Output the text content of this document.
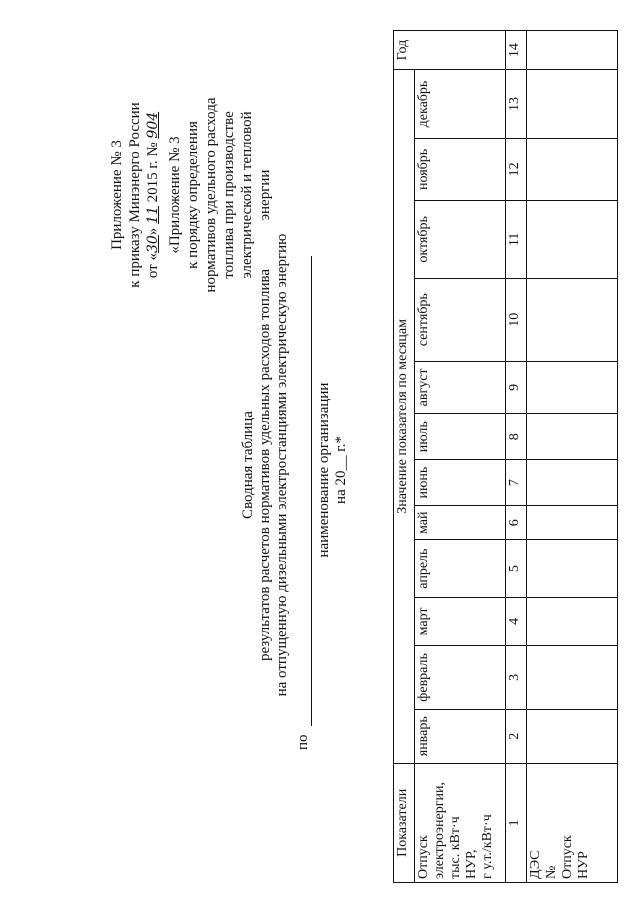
Приложение № 3 к приказу Минэнерго России от «30» 11 2015 г. № 904
«Приложение № 3 к порядку определения нормативов удельного расхода топлива при производстве электрической и тепловой энергии
Сводная таблица результатов расчетов нормативов удельных расходов топлива на отпущенную дизельными электростанциями электрическую энергию
по
наименование организации на 20__ г.*
Показатели	Значение показателя по месяцам												Год

Отпуск электроэнергии, тыс. кВт·ч НУР, г у.т./кВт·ч	январь	февраль	март	апрель	май	июнь	июль	август	сентябрь	октябрь	ноябрь	декабрь	
1	2	3	4	5	6	7	8	9	10	11	12	13	14

ДЭС № Отпуск НУР													
